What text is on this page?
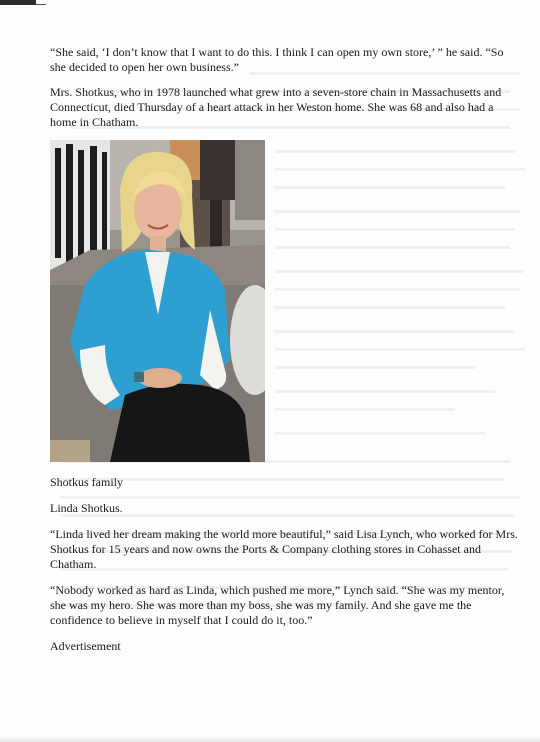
“She said, ‘I don’t know that I want to do this. I think I can open my own store,’ ” he said. “So she decided to open her own business.”

Mrs. Shotkus, who in 1978 launched what grew into a seven-store chain in Massachusetts and Connecticut, died Thursday of a heart attack in her Weston home. She was 68 and also had a home in Chatham.

Shotkus family

Linda Shotkus.

“Linda lived her dream making the world more beautiful,” said Lisa Lynch, who worked for Mrs. Shotkus for 15 years and now owns the Ports & Company clothing stores in Cohasset and Chatham.

“Nobody worked as hard as Linda, which pushed me more,” Lynch said. “She was my mentor, she was my hero. She was more than my boss, she was my family. And she gave me the confidence to believe in myself that I could do it, too.”

Advertisement
